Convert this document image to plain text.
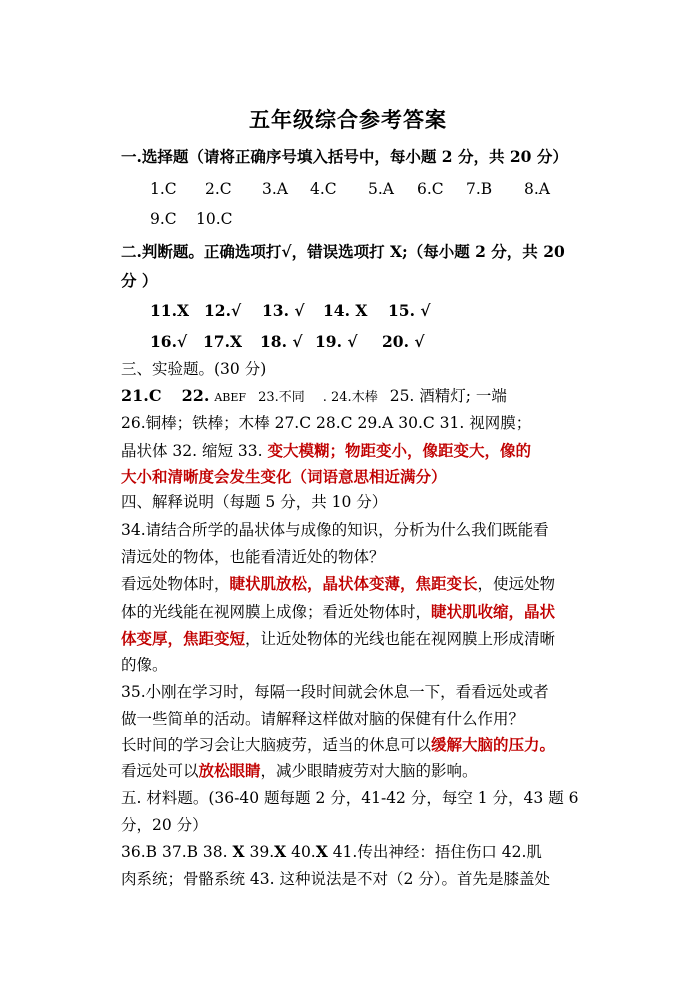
五年级综合参考答案
一.选择题（请将正确序号填入括号中，每小题 2 分，共 20 分）
1.C 2.C 3.A 4.C 5.A 6.C 7.B 8.A
9.C 10.C
二.判断题。正确选项打√，错误选项打 X;（每小题 2 分，共 20
分 ）
11.X 12.√ 13. √ 14. X 15. √
16.√ 17.X 18. √ 19. √ 20. √
三、实验题。(30 分)
21.C 22. ABEF 23.不同 . 24.木棒 25. 酒精灯; 一端
26.铜棒；铁棒；木棒 27.C 28.C 29.A 30.C 31. 视网膜；
晶状体 32. 缩短 33. 变大模糊；物距变小，像距变大，像的
大小和清晰度会发生变化（词语意思相近满分）
四、解释说明（每题 5 分，共 10 分）
34.请结合所学的晶状体与成像的知识，分析为什么我们既能看
清远处的物体，也能看清近处的物体？
看远处物体时，睫状肌放松，晶状体变薄，焦距变长，使远处物
体的光线能在视网膜上成像；看近处物体时，睫状肌收缩，晶状
体变厚，焦距变短，让近处物体的光线也能在视网膜上形成清晰
的像。
35.小刚在学习时，每隔一段时间就会休息一下，看看远处或者
做一些简单的活动。请解释这样做对脑的保健有什么作用？
长时间的学习会让大脑疲劳，适当的休息可以缓解大脑的压力。
看远处可以放松眼睛，减少眼睛疲劳对大脑的影响。
五. 材料题。(36-40 题每题 2 分，41-42 分，每空 1 分，43 题 6
分，20 分）
36.B 37.B 38. X 39.X 40.X 41.传出神经：捂住伤口 42.肌
肉系统；骨骼系统 43. 这种说法是不对（2 分）。首先是膝盖处
